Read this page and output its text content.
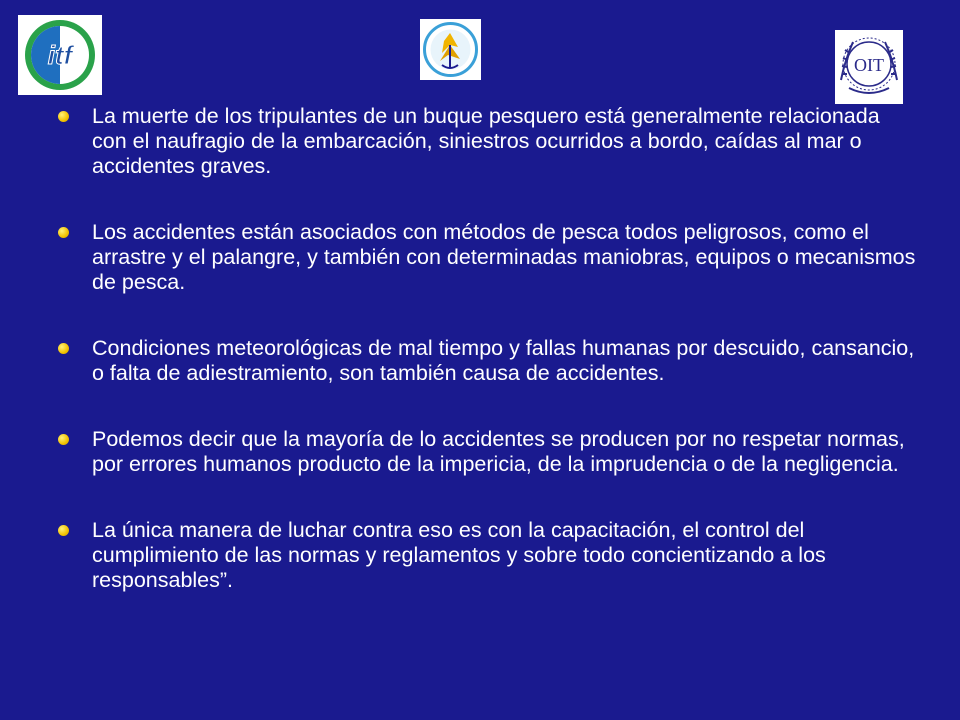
itf	OIT
La muerte de los tripulantes de un buque pesquero está generalmente relacionada con el naufragio de la embarcación, siniestros ocurridos a bordo, caídas al mar o accidentes graves.
Los accidentes están asociados con métodos de pesca todos peligrosos, como el arrastre y el palangre, y también con determinadas maniobras, equipos o mecanismos de pesca.
Condiciones meteorológicas de mal tiempo y fallas humanas por descuido, cansancio, o falta de adiestramiento, son también causa de accidentes.
Podemos decir que la mayoría de lo accidentes se producen por no respetar normas, por errores humanos producto de la impericia, de la imprudencia o de la negligencia.
La única manera de luchar contra eso es con la capacitación, el control del cumplimiento de las normas y reglamentos y sobre todo concientizando a los responsables”.
